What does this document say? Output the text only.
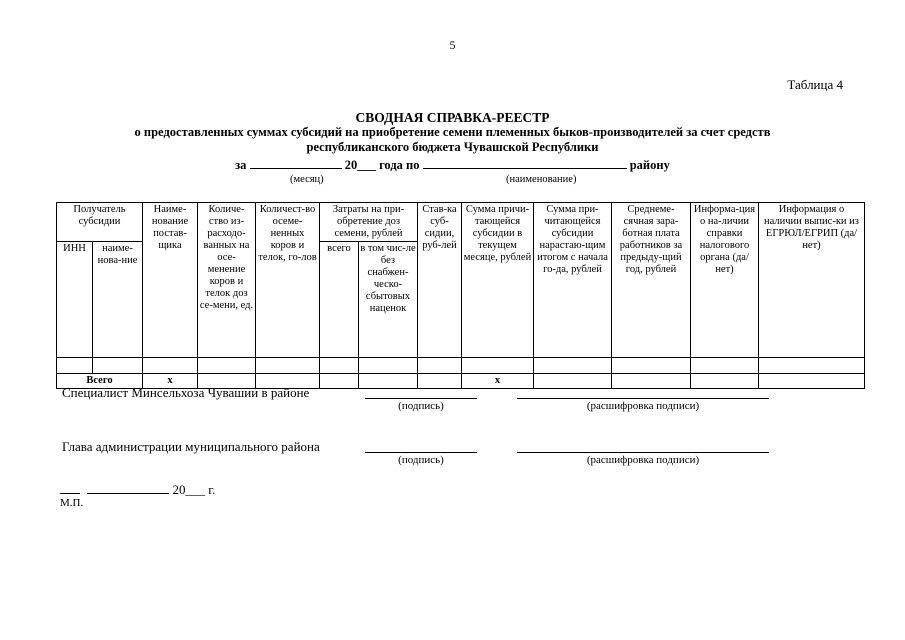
5
Таблица 4
СВОДНАЯ СПРАВКА-РЕЕСТР
о предоставленных суммах субсидий на приобретение семени племенных быков-производителей за счет средств
республиканского бюджета Чувашской Республики
за	20___ года по	району
(месяц)	(наименование)
Получатель субсидии		Наиме-нование постав-щика	Количе-ство из-расходо-ванных на осе-менение коров и телок доз се-мени, ед.	Количест-во осеме-ненных коров и телок, го-лов	Затраты на при-обретение доз семени, рублей		Став-ка суб-сидии, руб-лей	Сумма причи-тающейся субсидии в текущем месяце, рублей	Сумма при-читающейся субсидии нарастаю-щим итогом с начала го-да, рублей	Среднеме-сячная зара-ботная плата работников за предыду-щий год, рублей	Информа-ция о на-личии справки налогового органа (да/нет)	Информация о наличии выпис-ки из ЕГРЮЛ/ЕГРИП (да/нет)
ИНН	наиме-нова-ние				всего	в том чис-ле без снабжен-ческо-сбытовых наценок						

Всего		х						х				
Специалист Минсельхоза Чувашии в районе
(подпись)	(расшифровка подписи)
Глава администрации муниципального района
(подпись)	(расшифровка подписи)
20___ г.
М.П.
